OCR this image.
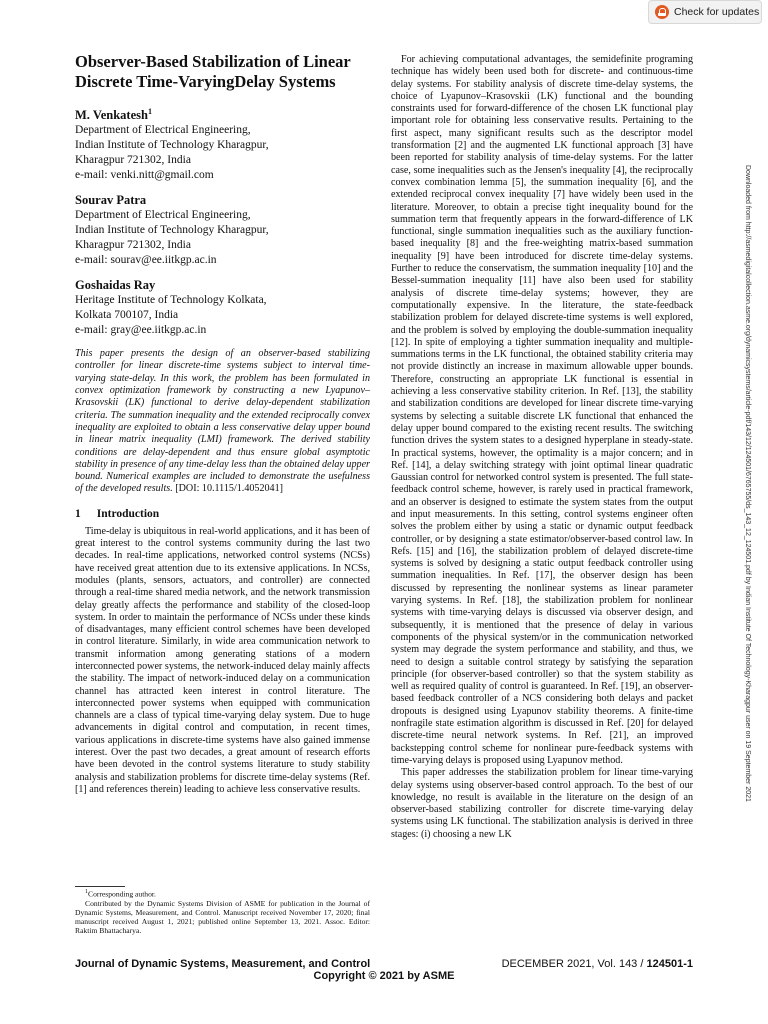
Check for updates
Observer-Based Stabilization of Linear Discrete Time-VaryingDelay Systems

M. Venkatesh$^1$

Department of Electrical Engineering,
Indian Institute of Technology Kharagpur,
Kharagpur 721302, India
e-mail: venki.nitt@gmail.com

Sourav Patra

Department of Electrical Engineering,
Indian Institute of Technology Kharagpur,
Kharagpur 721302, India
e-mail: sourav@ee.iitkgp.ac.in

Goshaidas Ray

Heritage Institute of Technology Kolkata,
Kolkata 700107, India
e-mail: gray@ee.iitkgp.ac.in

This paper presents the design of an observer-based stabilizing controller for linear discrete-time systems subject to interval time-varying state-delay. In this work, the problem has been formulated in convex optimization framework by constructing a new Lyapunov–Krasovskii (LK) functional to derive delay-dependent stabilization criteria. The summation inequality and the extended reciprocally convex inequality are exploited to obtain a less conservative delay upper bound in linear matrix inequality (LMI) framework. The derived stability conditions are delay-dependent and thus ensure global asymptotic stability in presence of any time-delay less than the obtained delay upper bound. Numerical examples are included to demonstrate the usefulness of the developed results. [DOI: 10.1115/1.4052041]

1 Introduction

Time-delay is ubiquitous in real-world applications, and it has been of great interest to the control systems community during the last two decades. In real-time applications, networked control systems (NCSs) have received great attention due to its extensive applications. In NCSs, modules (plants, sensors, actuators, and controller) are connected through a real-time shared media network, and the network transmission delay greatly affects the performance and stability of the closed-loop system. In order to maintain the performance of NCSs under these kinds of disadvantages, many efficient control schemes have been developed in control literature. Similarly, in wide area communication network to transmit information among generating stations of a modern interconnected power systems, the network-induced delay mainly affects the stability. The impact of network-induced delay on a communication channel has attracted keen interest in control literature. The interconnected power systems when equipped with communication channels are a class of typical time-varying delay system. Due to huge advancements in digital control and computation, in recent times, various applications in discrete-time systems have also gained immense interest. Over the past two decades, a great amount of research efforts have been devoted in the control systems literature to study stability analysis and stabilization problems for discrete time-delay systems (Ref. [1] and references therein) leading to achieve less conservative results.

$^1$Corresponding author.

Contributed by the Dynamic Systems Division of ASME for publication in the Journal of Dynamic Systems, Measurement, and Control. Manuscript received November 17, 2020; final manuscript received August 1, 2021; published online September 13, 2021. Assoc. Editor: Raktim Bhattacharya.

For achieving computational advantages, the semidefinite programing technique has widely been used both for discrete- and continuous-time delay systems. For stability analysis of discrete time-delay systems, the choice of Lyapunov–Krasovskii (LK) functional and the bounding constraints used for forward-difference of the chosen LK functional play important role for obtaining less conservative results. Pertaining to the first aspect, many significant results such as the descriptor model transformation [2] and the augmented LK functional approach [3] have been reported for stability analysis of time-delay systems. For the latter case, some inequalities such as the Jensen's inequality [4], the reciprocally convex combination lemma [5], the summation inequality [6], and the extended reciprocal convex inequality [7] have widely been used in the literature. Moreover, to obtain a precise tight inequality bound for the summation term that frequently appears in the forward-difference of LK functional, single summation inequalities such as the auxiliary function-based inequality [8] and the free-weighting matrix-based summation inequality [9] have been introduced for discrete time-delay systems. Further to reduce the conservatism, the summation inequality [10] and the Bessel-summation inequality [11] have also been used for stability analysis of discrete time-delay systems; however, they are computationally expensive. In the literature, the state-feedback stabilization problem for delayed discrete-time systems is well explored, and the problem is solved by employing the double-summation inequality [12]. In spite of employing a tighter summation inequality and multiple-summations terms in the LK functional, the obtained stability criteria may not provide distinctly an increase in maximum allowable upper bounds. Therefore, constructing an appropriate LK functional is essential in achieving a less conservative stability criterion. In Ref. [13], the stability and stabilization conditions are developed for linear discrete time-varying systems by selecting a suitable discrete LK functional that enhanced the delay upper bound compared to the existing recent results. The switching function drives the system states to a designed hyperplane in steady-state. In practical systems, however, the optimality is a major concern; and in Ref. [14], a delay switching strategy with joint optimal linear quadratic Gaussian control for networked control system is presented. The full state-feedback control scheme, however, is rarely used in practical framework, and an observer is designed to estimate the system states from the output and input measurements. In this setting, control systems engineer often solves the problem either by using a static or dynamic output feedback controller, or by designing a state estimator/observer-based control law. In Refs. [15] and [16], the stabilization problem of delayed discrete-time systems is solved by designing a static output feedback controller using summation inequalities. In Ref. [17], the observer design has been discussed by representing the nonlinear systems as linear parameter varying systems. In Ref. [18], the stabilization problem for nonlinear systems with time-varying delays is discussed via observer design, and subsequently, it is mentioned that the presence of delay in various components of the physical system/or in the communication networked system may degrade the system performance and stability, and thus, we need to design a suitable control strategy by satisfying the separation principle (for observer-based controller) so that the system stability as well as required quality of control is guaranteed. In Ref. [19], an observer-based feedback controller of a NCS considering both delays and packet dropouts is designed using Lyapunov stability theorems. A finite-time nonfragile state estimation algorithm is discussed in Ref. [20] for delayed discrete-time neural network systems. In Ref. [21], an improved backstepping control scheme for nonlinear pure-feedback systems with time-varying delays is proposed using Lyapunov method.

This paper addresses the stabilization problem for linear time-varying delay systems using observer-based control approach. To the best of our knowledge, no result is available in the literature on the design of an observer-based stabilizing controller for discrete time-varying delay systems using LK functional. The stabilization analysis is derived in three stages: (i) choosing a new LK

Downloaded from http://asmedigitalcollection.asme.org/dynamicsystems/article-pdf/143/12/124501/6765755/ds_143_12_124501.pdf by Indian Institute Of Technology-Kharagpur user on 19 September 2021
Journal of Dynamic Systems, Measurement, and Control	DECEMBER 2021, Vol. 143 / 124501-1
Copyright © 2021 by ASME
